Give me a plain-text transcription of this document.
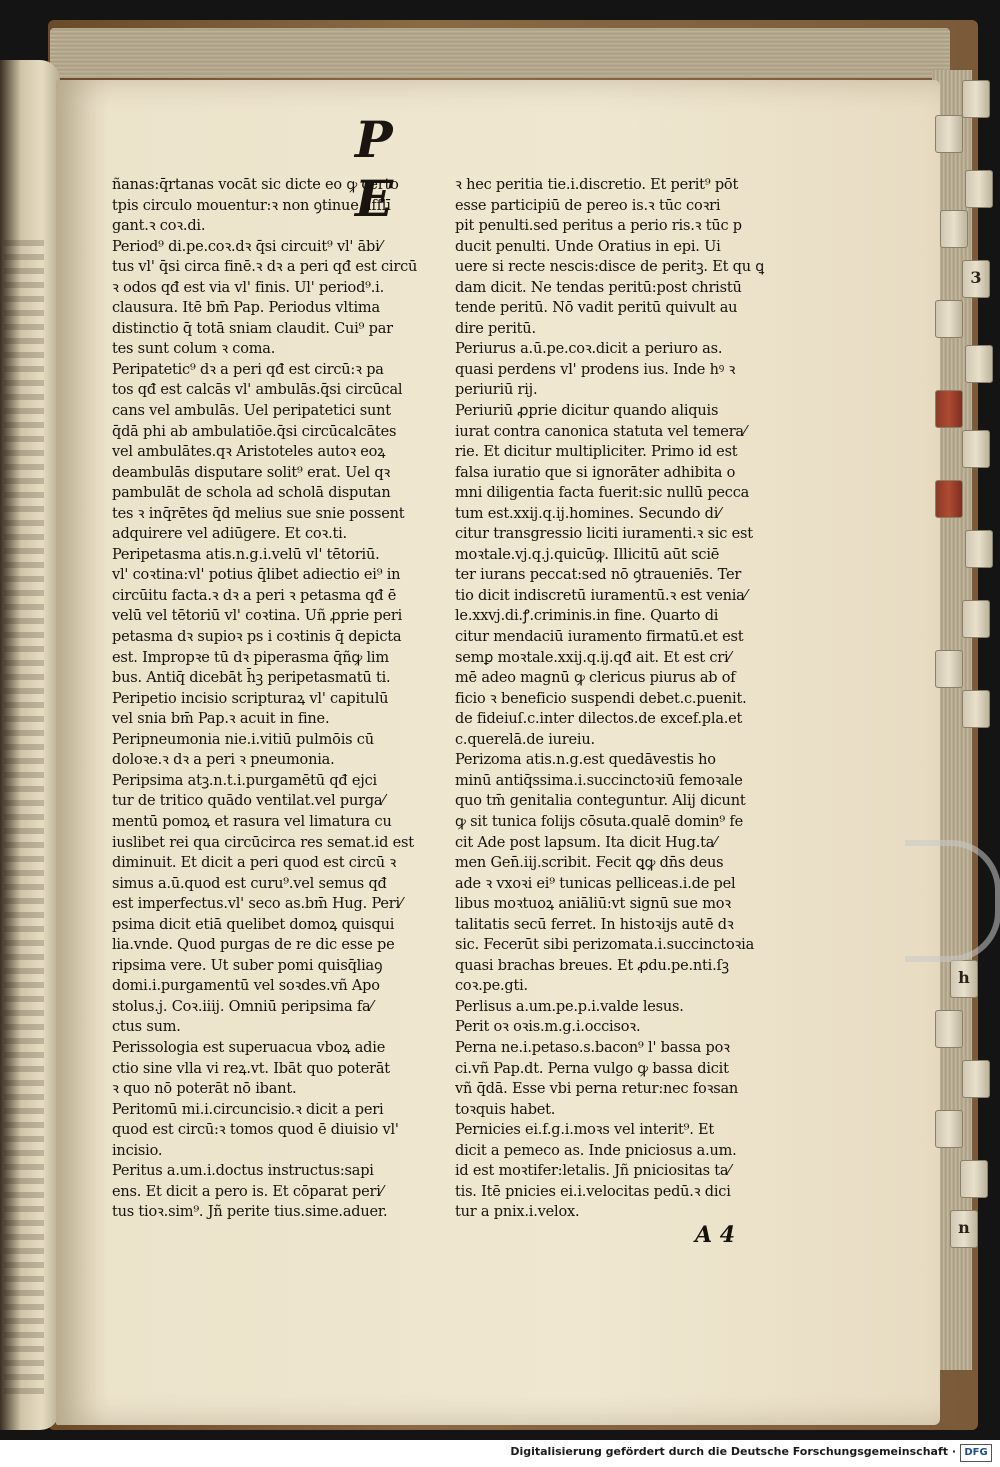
P E
ñanas:q̄rtanas vocāt sic dicte eo ꝙ certo
tpis circulo mouentur:ꝛ non ꝯtinue afflī
gant.ꝛ coꝛ.di.
Period⁹ di.pe.coꝛ.dꝛ q̄si circuit⁹ vl' ābi⁄
tus vl' q̄si circa finē.ꝛ dꝛ a peri qđ est circū
ꝛ odos qđ est via vl' finis. Ul' period⁹.i.
clausura. Itē bm̄ Pap. Periodus vltima
distinctio q̄ totā sniam claudit. Cui⁹ par
tes sunt colum ꝛ coma.
Peripatetic⁹ dꝛ a peri qđ est circū:ꝛ pa
tos qđ est calcās vl' ambulās.q̄si circūcal
cans vel ambulās. Uel peripatetici sunt
q̄dā phi ab ambulatiōe.q̄si circūcalcātes
vel ambulātes.qꝛ Aristoteles autoꝛ eoꝝ
deambulās disputare solit⁹ erat. Uel qꝛ
pambulāt de schola ad scholā disputan
tes ꝛ inq̄rētes q̄d melius sue snie possent
adquirere vel adiūgere. Et coꝛ.ti.
Peripetasma atis.n.g.i.velū vl' tētoriū.
vl' coꝛtina:vl' potius q̄libet adiectio ei⁹ in
circūitu facta.ꝛ dꝛ a peri ꝛ petasma qđ ē
velū vel tētoriū vl' coꝛtina. Uñ ꝓprie peri
petasma dꝛ supioꝛ ps i coꝛtinis q̄ depicta
est. Impropꝛe tū dꝛ piperasma q̄ñꝙ lim
bus. Antiq̄ dicebāt h̄ꝫ peripetasmatū ti.
Peripetio incisio scripturaꝝ vl' capitulū
vel snia bm̄ Pap.ꝛ acuit in fine.
Peripneumonia nie.i.vitiū pulmōis cū
doloꝛe.ꝛ dꝛ a peri ꝛ pneumonia.
Peripsima atꝫ.n.t.i.purgamētū qđ ejci
tur de tritico quādo ventilat.vel purga⁄
mentū pomoꝝ et rasura vel limatura cu
iuslibet rei qua circūcirca res semat.id est
diminuit. Et dicit a peri quod est circū ꝛ
simus a.ū.quod est curu⁹.vel semus qđ
est imperfectus.vl' seco as.bm̄ Hug. Peri⁄
psima dicit etiā quelibet domoꝝ quisqui
lia.vnde. Quod purgas de re dic esse pe
ripsima vere. Ut suber pomi quisq̄liaꝯ
domi.i.purgamentū vel soꝛdes.vñ Apo
stolus.j. Coꝛ.iiij. Omniū peripsima fa⁄
ctus sum.
Perissologia est superuacua vboꝝ adie
ctio sine vlla vi reꝝ.vt. Ibāt quo poterāt
ꝛ quo nō poterāt nō ibant.
Peritomū mi.i.circuncisio.ꝛ dicit a peri
quod est circū:ꝛ tomos quod ē diuisio vl'
incisio.
Peritus a.um.i.doctus instructus:sapi
ens. Et dicit a pero is. Et cōparat peri⁄
tus tioꝛ.sim⁹. Jñ perite tius.sime.aduer.
ꝛ hec peritia tie.i.discretio. Et perit⁹ pōt
esse participiū de pereo is.ꝛ tūc coꝛri
pit penulti.sed peritus a perio ris.ꝛ tūc p
ducit penulti. Unde Oratius in epi. Ui
uere si recte nescis:disce de peritꝫ. Et qu ꝗ
dam dicit. Ne tendas peritū:post christū
tende peritū. Nō vadit peritū quivult au
dire peritū.
Periurus a.ū.pe.coꝛ.dicit a periuro as.
quasi perdens vl' prodens ius. Inde hꝰ ꝛ
periuriū rij.
Periuriū ꝓprie dicitur quando aliquis
iurat contra canonica statuta vel temera⁄
rie. Et dicitur multipliciter. Primo id est
falsa iuratio que si ignorāter adhibita o
mni diligentia facta fuerit:sic nullū pecca
tum est.xxij.q.ij.homines. Secundo di⁄
citur transgressio liciti iuramenti.ꝛ sic est
moꝛtale.vj.q.j.quicūꝙ. Illicitū aūt sciē
ter iurans peccat:sed nō ꝯtraueniēs. Ter
tio dicit indiscretū iuramentū.ꝛ est venia⁄
le.xxvj.di.ꝭ.criminis.in fine. Quarto di
citur mendaciū iuramento firmatū.et est
semꝑ moꝛtale.xxij.q.ij.qđ ait. Et est cri⁄
mē adeo magnū ꝙ clericus piurus ab of
ficio ꝛ beneficio suspendi debet.c.puenit.
de fideiuſ.c.inter dilectos.de excef.pla.et
c.querelā.de iureiu.
Perizoma atis.n.g.est quedāvestis ho
minū antiq̄ssima.i.succinctoꝛiū femoꝛale
quo tm̄ genitalia conteguntur. Alij dicunt
ꝙ sit tunica folijs cōsuta.qualē domin⁹ fe
cit Ade post lapsum. Ita dicit Hug.ta⁄
men Gen̄.iij.scribit. Fecit ꝗꝙ dn̄s deus
ade ꝛ vxoꝛi ei⁹ tunicas pelliceas.i.de pel
libus moꝛtuoꝝ aniāliū:vt signū sue moꝛ
talitatis secū ferret. In histoꝛijs autē dꝛ
sic. Fecerūt sibi perizomata.i.succinctoꝛia
quasi brachas breues. Et ꝓdu.pe.nti.ſꝫ
coꝛ.pe.gti.
Perlisus a.um.pe.p.i.valde lesus.
Perit oꝛ oꝛis.m.g.i.occisoꝛ.
Perna ne.i.petaso.s.bacon⁹ l' bassa poꝛ
ci.vñ Pap.dt. Perna vulgo ꝙ bassa dicit
vñ q̄dā. Esse vbi perna retur:nec foꝛsan
toꝛquis habet.
Pernicies ei.f.g.i.moꝛs vel interit⁹. Et
dicit a pemeco as. Inde pniciosus a.um.
id est moꝛtifer:letalis. Jñ pniciositas ta⁄
tis. Itē pnicies ei.i.velocitas pedū.ꝛ dici
tur a pnix.i.velox.
A 4
3
h
n
Digitalisierung gefördert durch die Deutsche Forschungsgemeinschaft · DFG
